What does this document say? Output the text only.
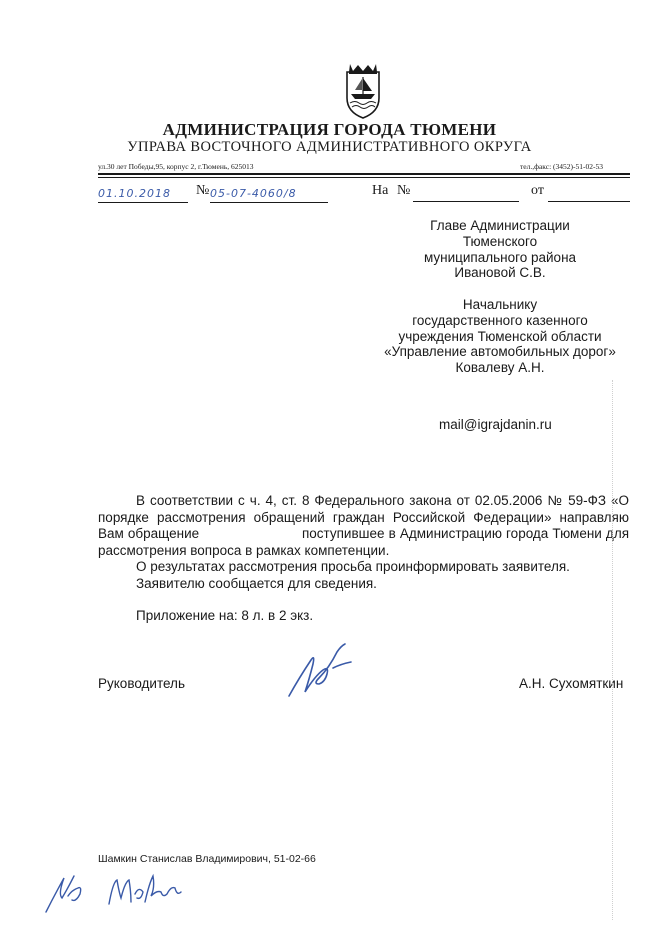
АДМИНИСТРАЦИЯ ГОРОДА ТЮМЕНИ
УПРАВА ВОСТОЧНОГО АДМИНИСТРАТИВНОГО ОКРУГА
ул.30 лет Победы,95, корпус 2, г.Тюмень, 625013	тел.,факс: (3452)-51-02-53
01.10.2018	№ 05-07-4060/8	На №	от
Главе Администрации
Тюменского
муниципального района
Ивановой С.В.
Начальнику
государственного казенного
учреждения Тюменской области
«Управление автомобильных дорог»
Ковалеву А.Н.
mail@igrajdanin.ru

В соответствии с ч. 4, ст. 8 Федерального закона от 02.05.2006 № 59-ФЗ «О порядке рассмотрения обращений граждан Российской Федерации» направляю Вам обращение                         поступившее в Администрацию города Тюмени для рассмотрения вопроса в рамках компетенции.

О результатах рассмотрения просьба проинформировать заявителя.

Заявителю сообщается для сведения.

Приложение на: 8 л. в 2 экз.

Руководитель	А.Н. Сухомяткин
Шамкин Станислав Владимирович, 51-02-66
